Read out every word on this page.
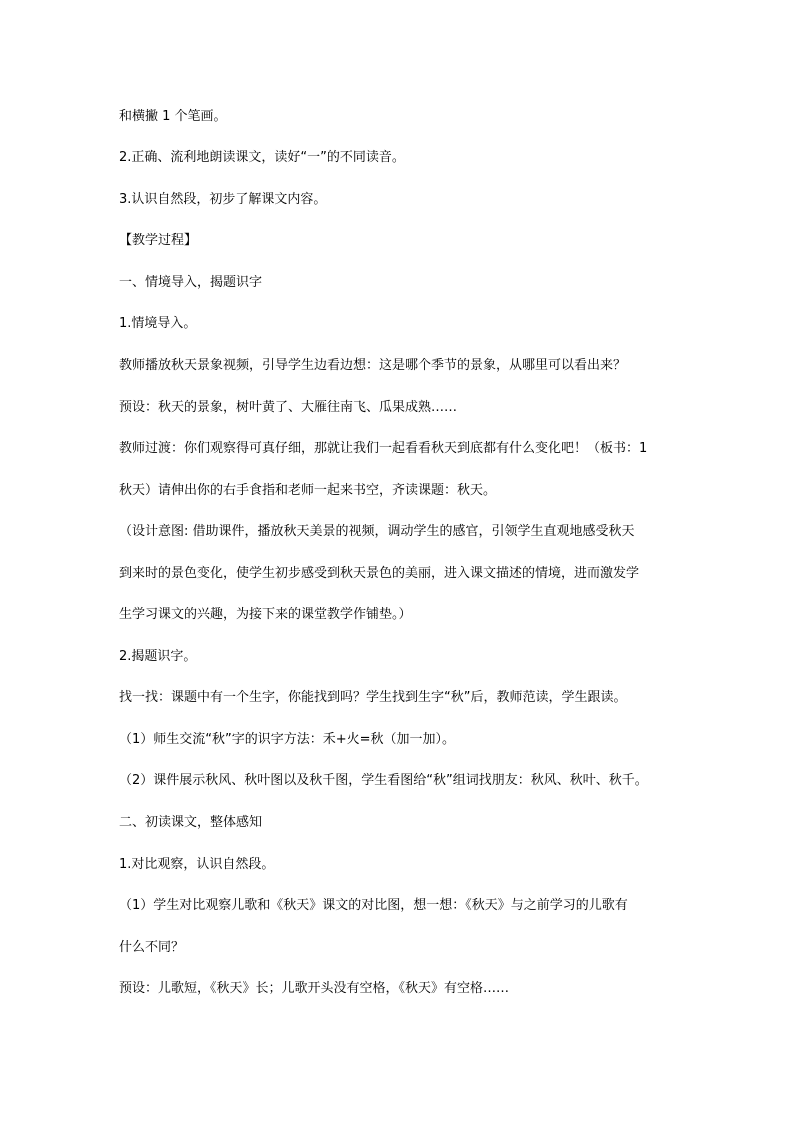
和横撇 1 个笔画。
2.正确、流利地朗读课文，读好“一”的不同读音。
3.认识自然段，初步了解课文内容。
【教学过程】
一、情境导入，揭题识字
1.情境导入。
教师播放秋天景象视频，引导学生边看边想：这是哪个季节的景象，从哪里可以看出来？
预设：秋天的景象，树叶黄了、大雁往南飞、瓜果成熟……
教师过渡：你们观察得可真仔细，那就让我们一起看看秋天到底都有什么变化吧！（板书：1
秋天）请伸出你的右手食指和老师一起来书空，齐读课题：秋天。
（设计意图: 借助课件，播放秋天美景的视频，调动学生的感官，引领学生直观地感受秋天
到来时的景色变化，使学生初步感受到秋天景色的美丽，进入课文描述的情境，进而激发学
生学习课文的兴趣，为接下来的课堂教学作铺垫。）
2.揭题识字。
找一找：课题中有一个生字，你能找到吗？学生找到生字“秋”后，教师范读，学生跟读。
（1）师生交流“秋”字的识字方法：禾+火=秋（加一加）。
（2）课件展示秋风、秋叶图以及秋千图，学生看图给“秋”组词找朋友：秋风、秋叶、秋千。
二、初读课文，整体感知
1.对比观察，认识自然段。
（1）学生对比观察儿歌和《秋天》课文的对比图，想一想：《秋天》与之前学习的儿歌有
什么不同？
预设：儿歌短，《秋天》长；儿歌开头没有空格，《秋天》有空格……
